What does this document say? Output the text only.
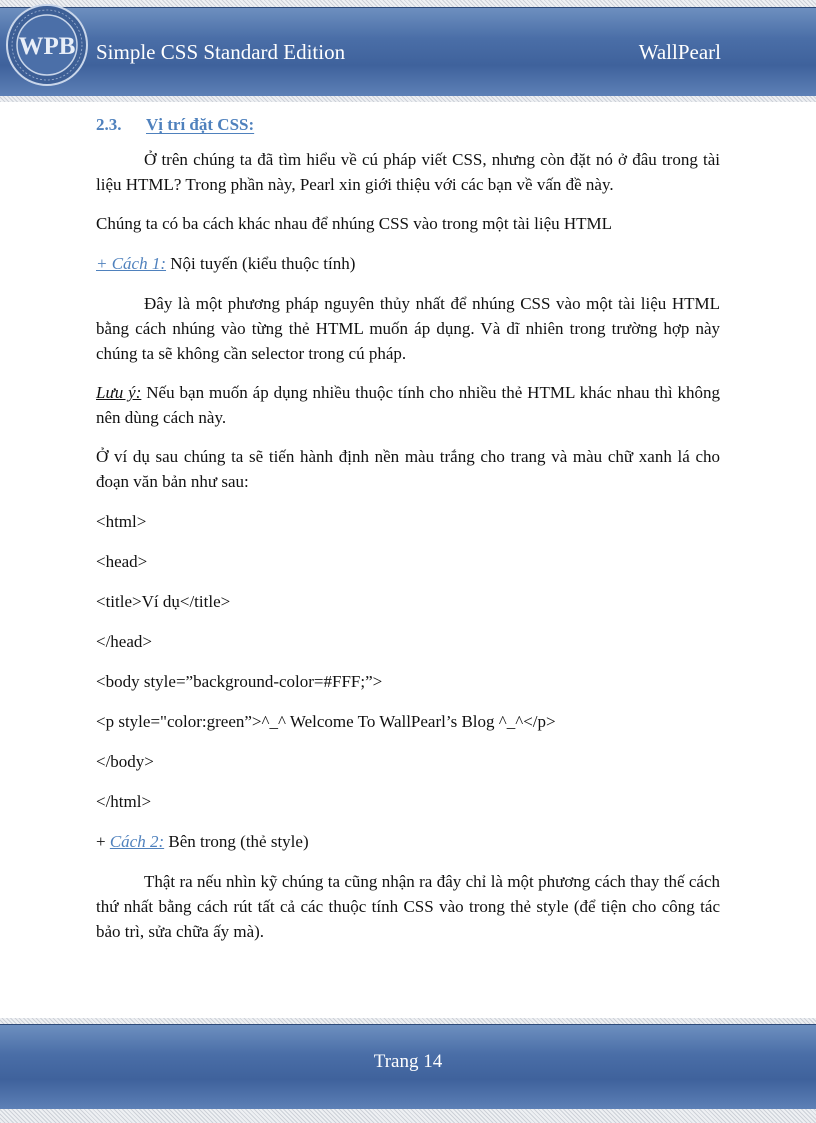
WPB Simple CSS Standard Edition	WallPearl

2.3. Vị trí đặt CSS:

Ở trên chúng ta đã tìm hiểu về cú pháp viết CSS, nhưng còn đặt nó ở đâu trong tài liệu HTML? Trong phần này, Pearl xin giới thiệu với các bạn về vấn đề này.

Chúng ta có ba cách khác nhau để nhúng CSS vào trong một tài liệu HTML

+ Cách 1: Nội tuyến (kiểu thuộc tính)

Đây là một phương pháp nguyên thủy nhất để nhúng CSS vào một tài liệu HTML bằng cách nhúng vào từng thẻ HTML muốn áp dụng. Và dĩ nhiên trong trường hợp này chúng ta sẽ không cần selector trong cú pháp.

Lưu ý: Nếu bạn muốn áp dụng nhiều thuộc tính cho nhiều thẻ HTML khác nhau thì không nên dùng cách này.

Ở ví dụ sau chúng ta sẽ tiến hành định nền màu trắng cho trang và màu chữ xanh lá cho đoạn văn bản như sau:

<html>

<head>

<title>Ví dụ</title>

</head>

<body style=”background-color=#FFF;”>

<p style="color:green”>^_^ Welcome To WallPearl’s Blog ^_^</p>

</body>

</html>

+ Cách 2: Bên trong (thẻ style)

Thật ra nếu nhìn kỹ chúng ta cũng nhận ra đây chỉ là một phương cách thay thế cách thứ nhất bằng cách rút tất cả các thuộc tính CSS vào trong thẻ style (để tiện cho công tác bảo trì, sửa chữa ấy mà).

Trang 14
